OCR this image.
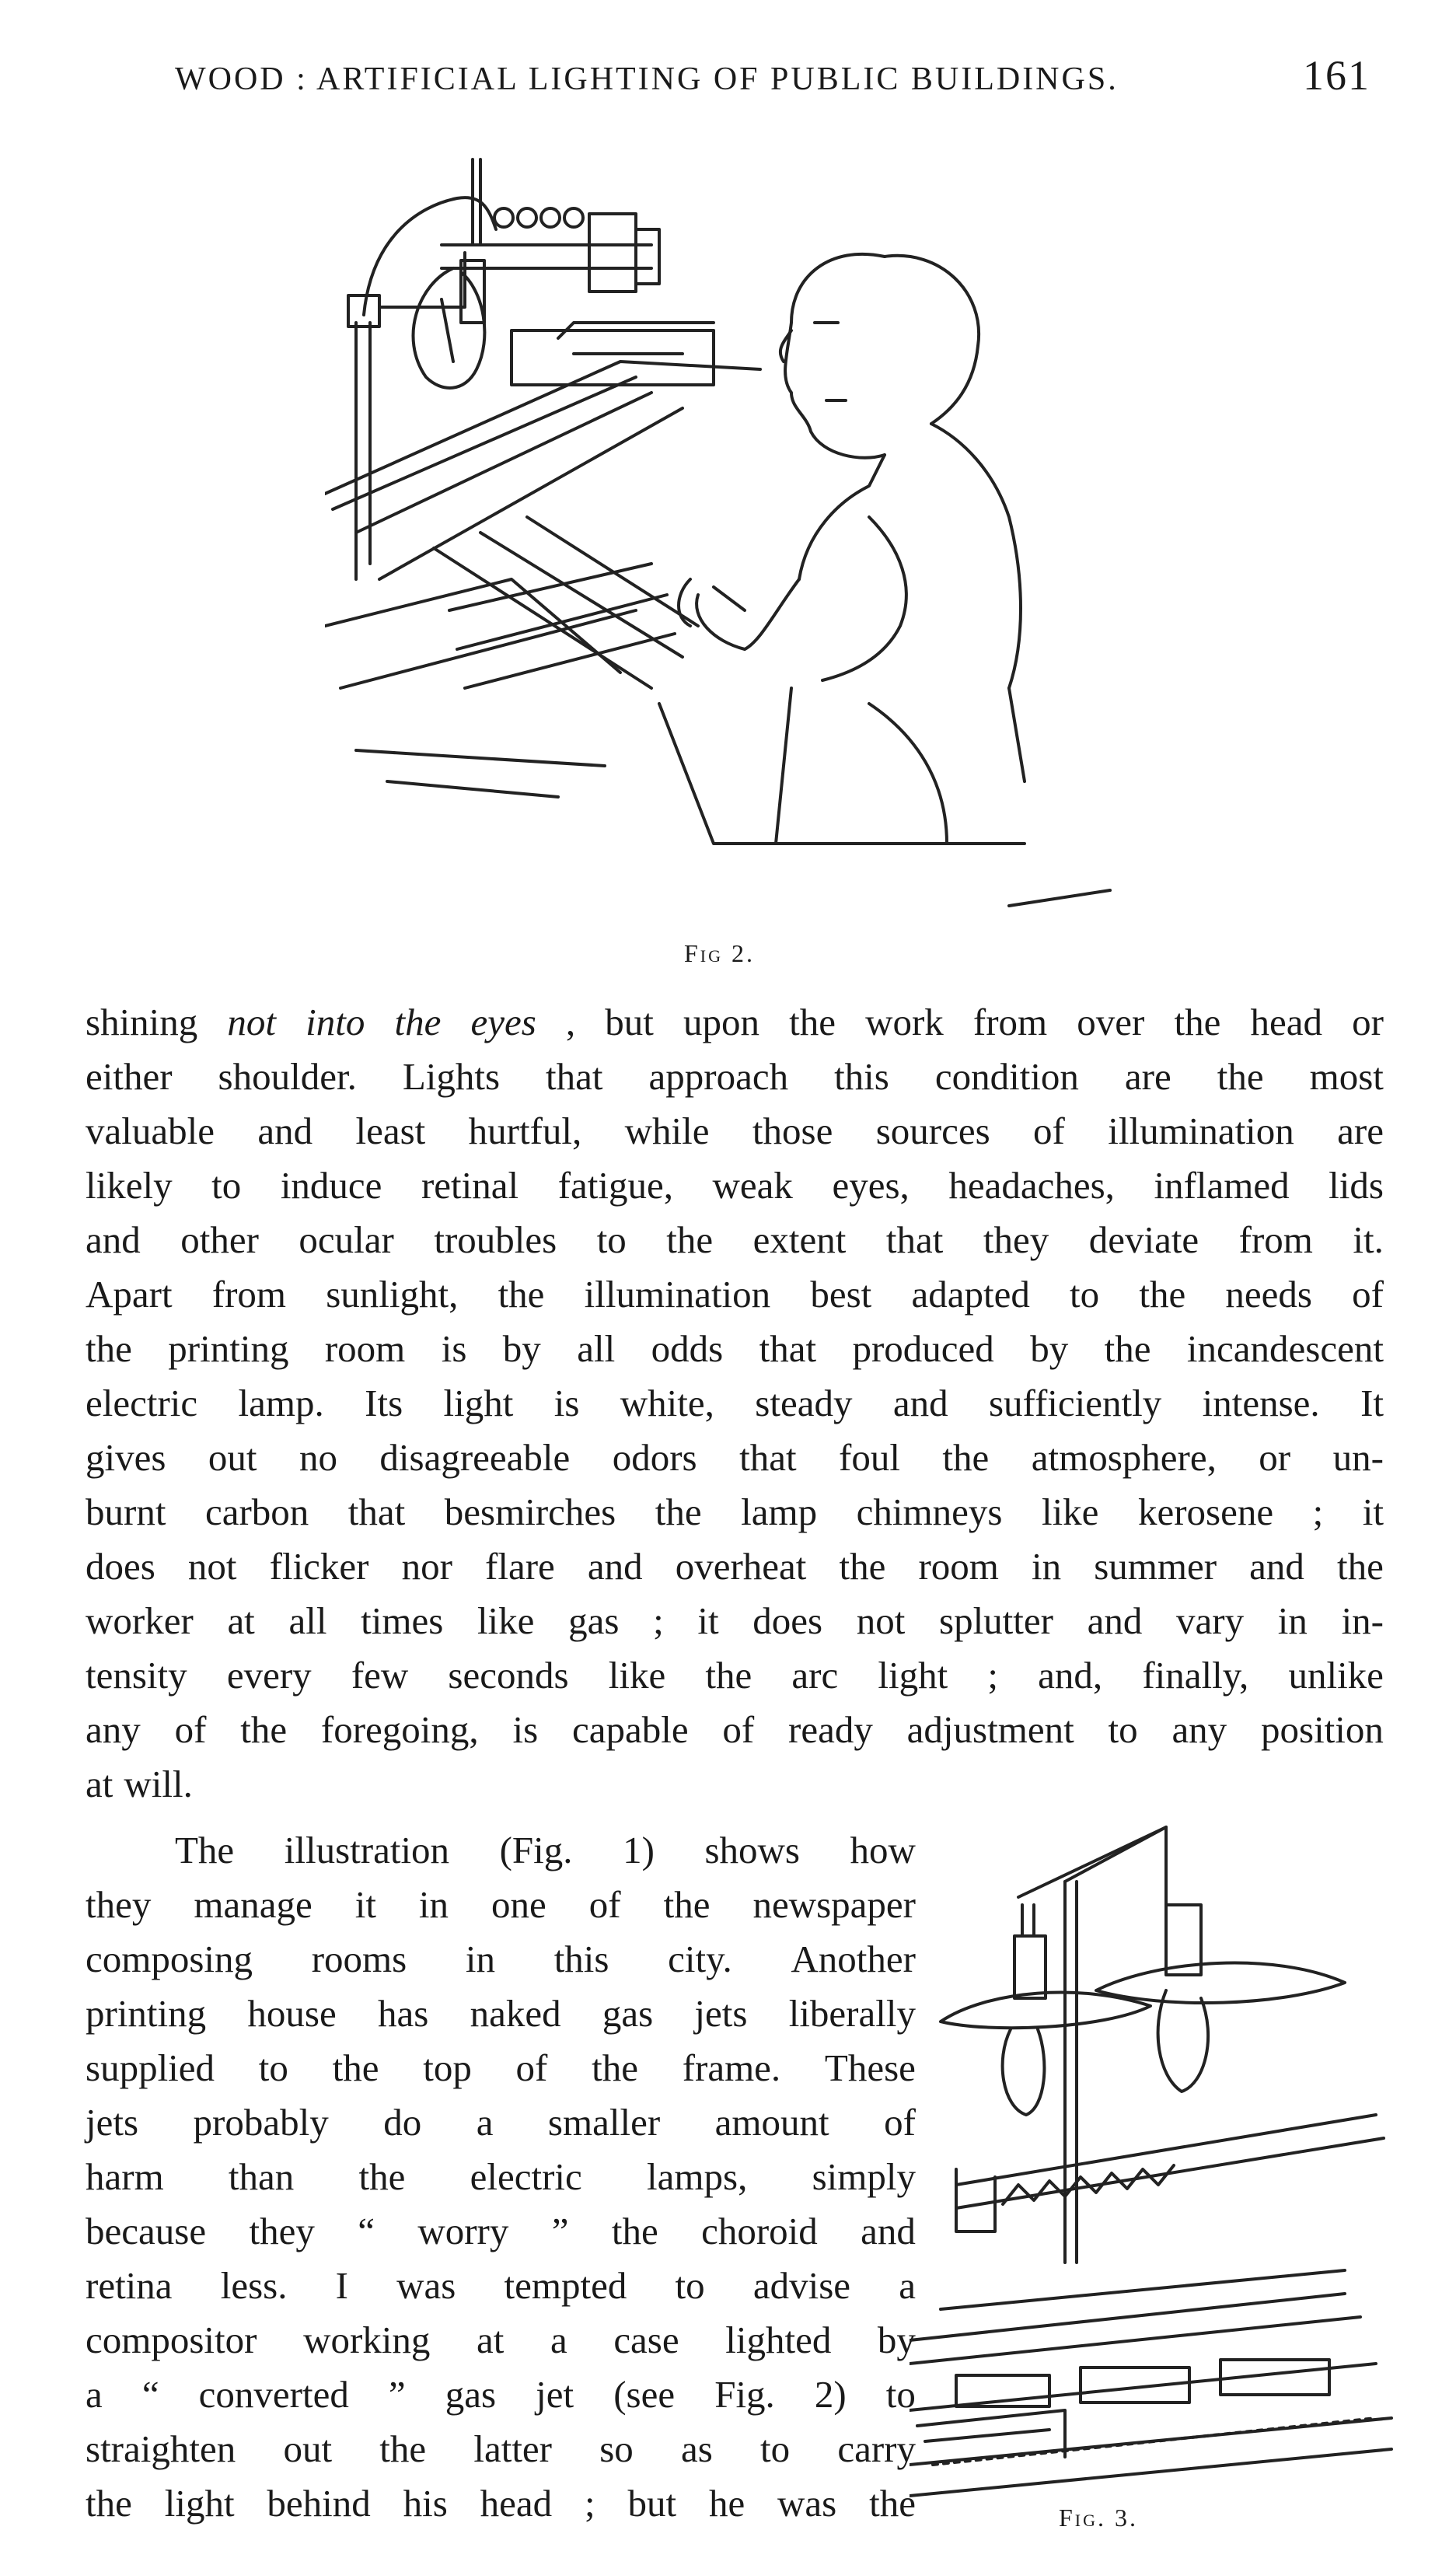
WOOD : ARTIFICIAL LIGHTING OF PUBLIC BUILDINGS.	161
Fig 2.
shining not into the eyes , but upon the work from over the head or
either shoulder. Lights that approach this condition are the most
valuable and least hurtful, while those sources of illumination are
likely to induce retinal fatigue, weak eyes, headaches, inflamed lids
and other ocular troubles to the extent that they deviate from it.
Apart from sunlight, the illumination best adapted to the needs of
the printing room is by all odds that produced by the incandescent
electric lamp. Its light is white, steady and sufficiently intense. It
gives out no disagreeable odors that foul the atmosphere, or un-
burnt carbon that besmirches the lamp chimneys like kerosene ; it
does not flicker nor flare and overheat the room in summer and the
worker at all times like gas ; it does not splutter and vary in in-
tensity every few seconds like the arc light ; and, finally, unlike
any of the foregoing, is capable of ready adjustment to any position
at will.
The illustration (Fig. 1) shows how
they manage it in one of the newspaper
composing rooms in this city. Another
printing house has naked gas jets liberally
supplied to the top of the frame. These
jets probably do a smaller amount of
harm than the electric lamps, simply
because they “ worry ” the choroid and
retina less. I was tempted to advise a
compositor working at a case lighted by
a “ converted ” gas jet (see Fig. 2) to
straighten out the latter so as to carry
the light behind his head ; but he was the	Fig. 3.
